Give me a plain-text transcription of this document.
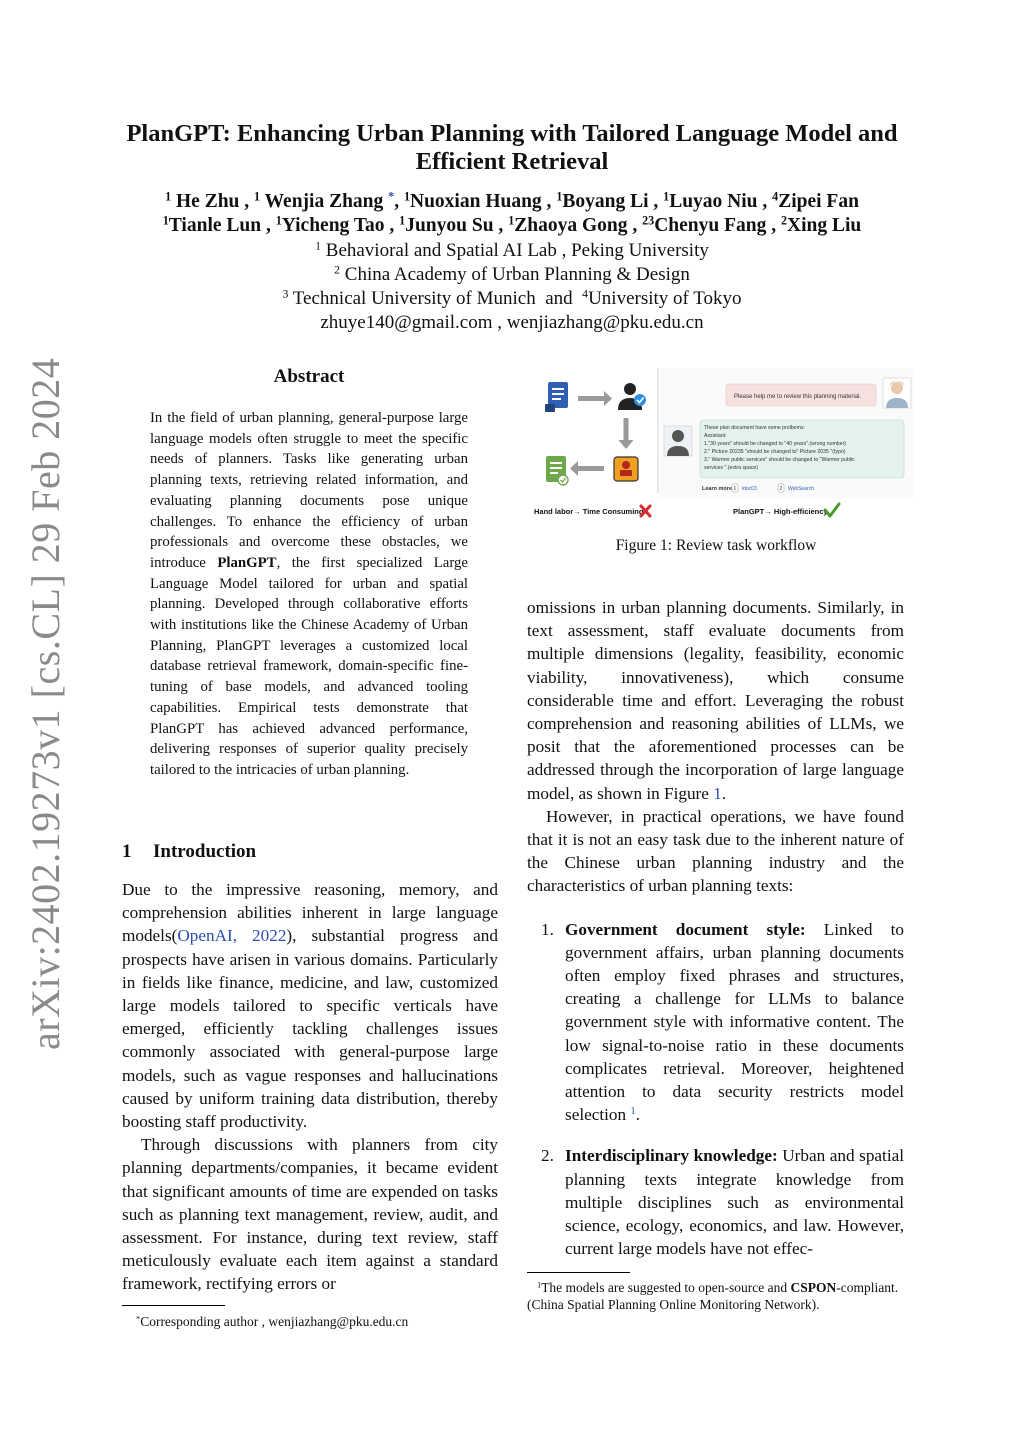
arXiv:2402.19273v1 [cs.CL] 29 Feb 2024
PlanGPT: Enhancing Urban Planning with Tailored Language Model and
Efficient Retrieval
$^1$ He Zhu , $^1$ Wenjia Zhang *, $^1$Nuoxian Huang , $^1$Boyang Li , $^1$Luyao Niu , $^4$Zipei Fan
$^1$Tianle Lun , $^1$Yicheng Tao , $^1$Junyou Su , $^1$Zhaoya Gong , $^{23}$Chenyu Fang , $^2$Xing Liu
$^1$ Behavioral and Spatial AI Lab , Peking University
$^2$ China Academy of Urban Planning & Design
$^3$ Technical University of Munich and $^4$University of Tokyo
zhuye140@gmail.com , wenjiazhang@pku.edu.cn
Abstract
In the field of urban planning, general-purpose large language models often struggle to meet the specific needs of planners. Tasks like generating urban planning texts, retrieving related information, and evaluating planning documents pose unique challenges. To enhance the efficiency of urban professionals and overcome these obstacles, we introduce PlanGPT, the first specialized Large Language Model tailored for urban and spatial planning. Developed through collaborative efforts with institutions like the Chinese Academy of Urban Planning, PlanGPT leverages a customized local database retrieval framework, domain-specific fine-tuning of base models, and advanced tooling capabilities. Empirical tests demonstrate that PlanGPT has achieved advanced performance, delivering responses of superior quality precisely tailored to the intricacies of urban planning.
1 Introduction

Due to the impressive reasoning, memory, and comprehension abilities inherent in large language models(OpenAI, 2022), substantial progress and prospects have arisen in various domains. Particularly in fields like finance, medicine, and law, customized large models tailored to specific verticals have emerged, efficiently tackling challenges issues commonly associated with general-purpose large models, such as vague responses and hallucinations caused by uniform training data distribution, thereby boosting staff productivity.

Through discussions with planners from city planning departments/companies, it became evident that significant amounts of time are expended on tasks such as planning text management, review, audit, and assessment. For instance, during text review, staff meticulously evaluate each item against a standard framework, rectifying errors or

*Corresponding author , wenjiazhang@pku.edu.cn
Hand labor→ Time Consuming
Please help me to review this planning material.
These plan document have some prolbems:
Assistant:
1."30 years" should be changed to "40 years".(wrong number)
2." Picture 20235 "should be changed to" Picture 2035 "(typo)
3." Warmer public services" should be changed to "Warmer public
services ".(extra space)
Learn more 1 ldoc03	2 WebSearch
PlanGPT→ High-efficiency
Figure 1: Review task workflow

omissions in urban planning documents. Similarly, in text assessment, staff evaluate documents from multiple dimensions (legality, feasibility, economic viability, innovativeness), which consume considerable time and effort. Leveraging the robust comprehension and reasoning abilities of LLMs, we posit that the aforementioned processes can be addressed through the incorporation of large language model, as shown in Figure 1.

However, in practical operations, we have found that it is not an easy task due to the inherent nature of the Chinese urban planning industry and the characteristics of urban planning texts:

1. Government document style: Linked to government affairs, urban planning documents often employ fixed phrases and structures, creating a challenge for LLMs to balance government style with informative content. The low signal-to-noise ratio in these documents complicates retrieval. Moreover, heightened attention to data security restricts model selection $^1$.
2. Interdisciplinary knowledge: Urban and spatial planning texts integrate knowledge from multiple disciplines such as environmental science, ecology, economics, and law. However, current large models have not effec-
$^1$The models are suggested to open-source and CSPON-compliant. (China Spatial Planning Online Monitoring Network).
